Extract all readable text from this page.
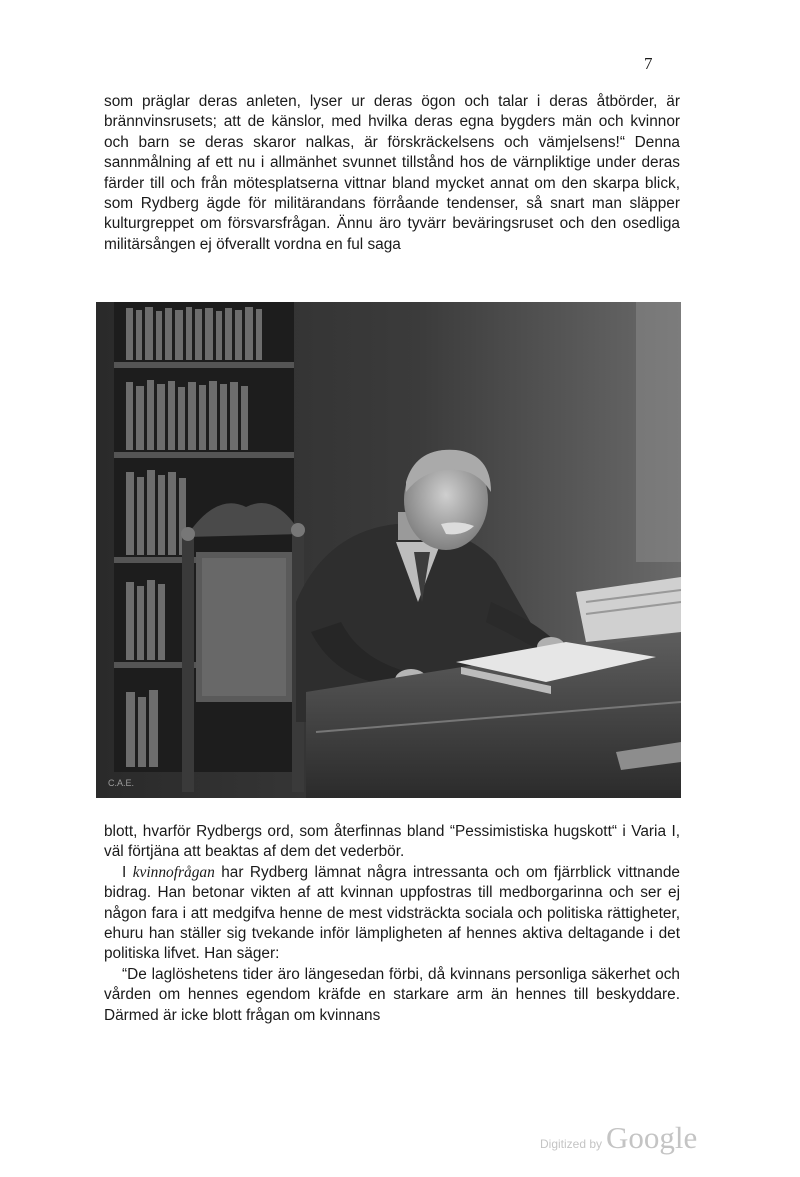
7

som präglar deras anleten, lyser ur deras ögon och talar i deras åtbörder, är brännvinsrusets; att de känslor, med hvilka deras egna bygders män och kvinnor och barn se deras skaror nalkas, är förskräckelsens och vämjelsens!“ Denna sannmålning af ett nu i allmänhet svunnet tillstånd hos de värnpliktige under deras färder till och från mötesplatserna vittnar bland mycket annat om den skarpa blick, som Rydberg ägde för militärandans förråande tendenser, så snart man släpper kulturgreppet om försvarsfrågan. Ännu äro tyvärr beväringsruset och den osedliga militärsången ej öfverallt vordna en ful saga

C.A.E.

blott, hvarför Rydbergs ord, som återfinnas bland “Pessimistiska hugskott“ i Varia I, väl förtjäna att beaktas af dem det vederbör.

I kvinnofrågan har Rydberg lämnat några intressanta och om fjärrblick vittnande bidrag. Han betonar vikten af att kvinnan uppfostras till medborgarinna och ser ej någon fara i att medgifva henne de mest vidsträckta sociala och politiska rättigheter, ehuru han ställer sig tvekande inför lämpligheten af hennes aktiva deltagande i det politiska lifvet. Han säger:

“De laglöshetens tider äro längesedan förbi, då kvinnans personliga säkerhet och vården om hennes egendom kräfde en starkare arm än hennes till beskyddare. Därmed är icke blott frågan om kvinnans

Digitized by Google
